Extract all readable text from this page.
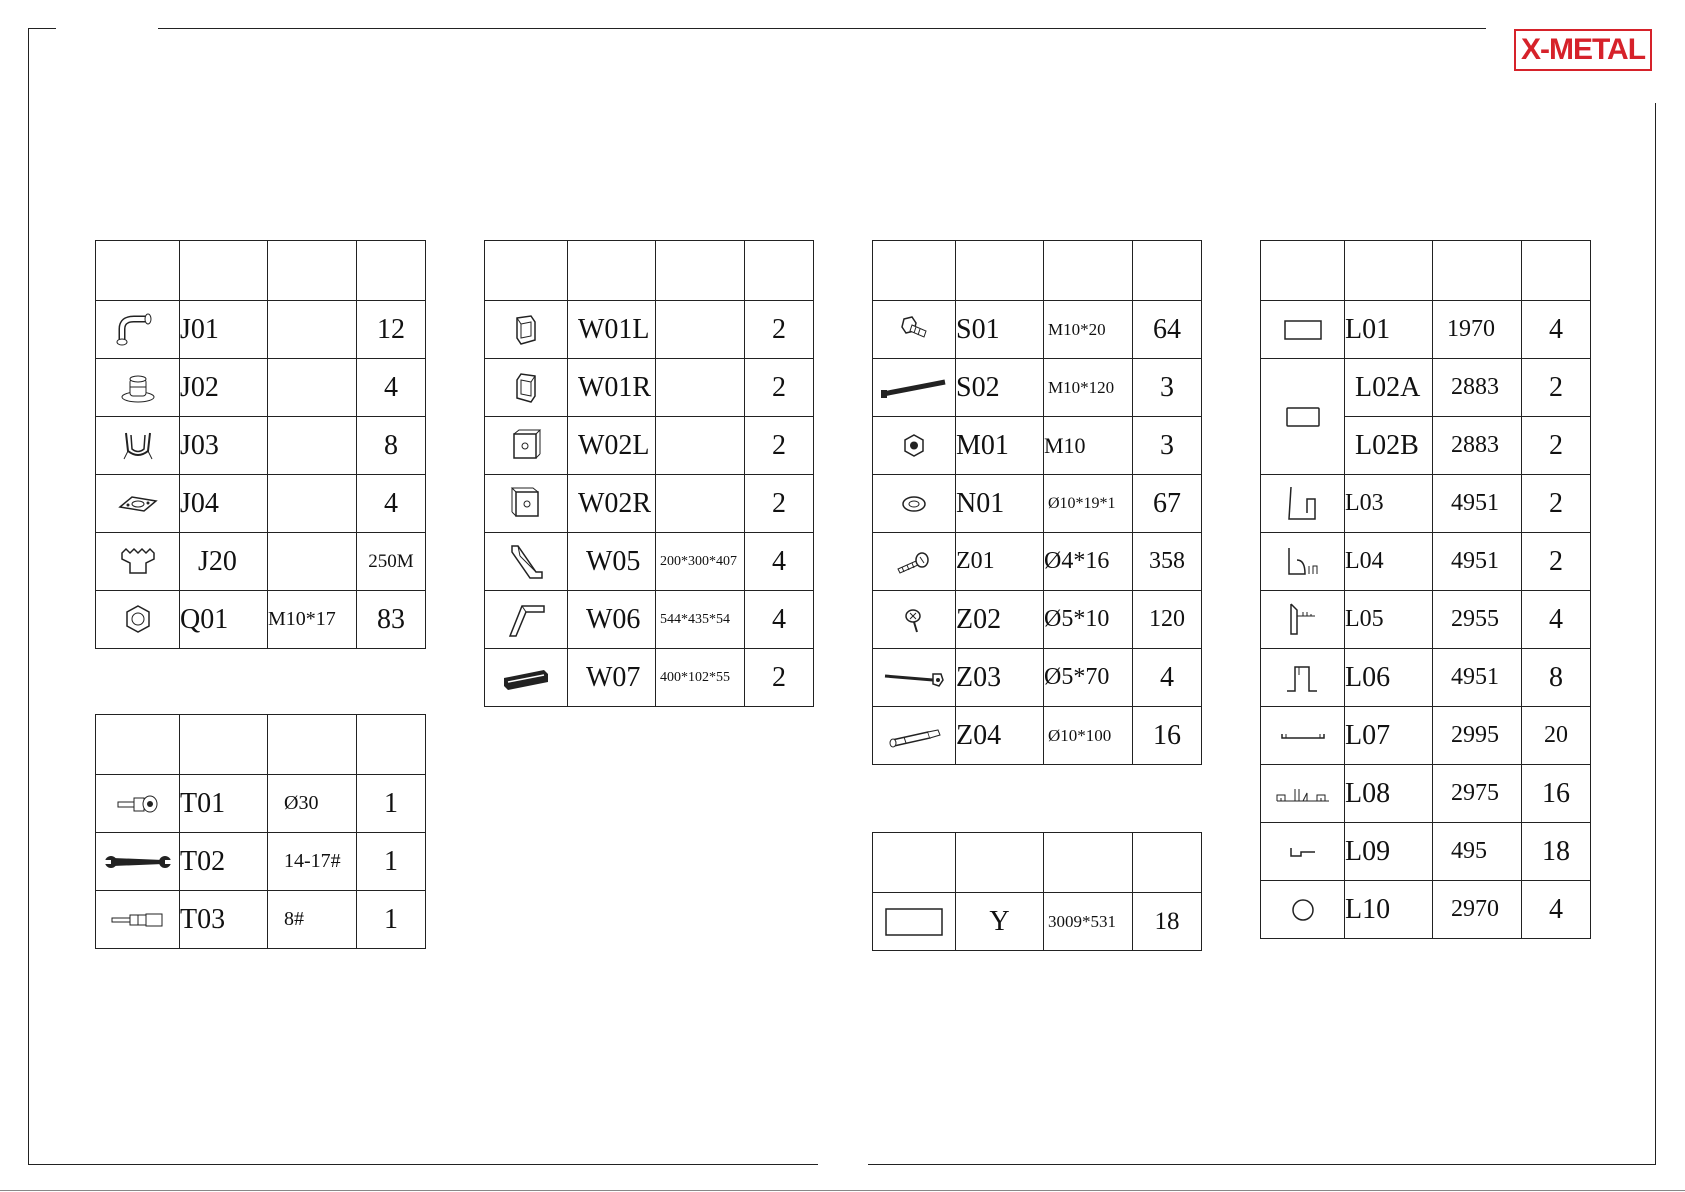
X-METAL

	J01		12

	J02		4

	J03		8

	J04		4

	J20		250M

	Q01	M10*17	83

	T01	Ø30	1

	T02	14-17#	1

	T03	8#	1

	W01L		2

	W01R		2

	W02L		2

	W02R		2

	W05	200*300*407	4

	W06	544*435*54	4

	W07	400*102*55	2

	S01	M10*20	64

	S02	M10*120	3

	M01	M10	3

	N01	Ø10*19*1	67

	Z01	Ø4*16	358

	Z02	Ø5*10	120

	Z03	Ø5*70	4

	Z04	Ø10*100	16

	Y	3009*531	18

	L01	1970	4

	L02A	2883	2
	L02B	2883	2

	L03	4951	2

	L04	4951	2

	L05	2955	4

	L06	4951	8

	L07	2995	20

	L08	2975	16

	L09	495	18

	L10	2970	4
